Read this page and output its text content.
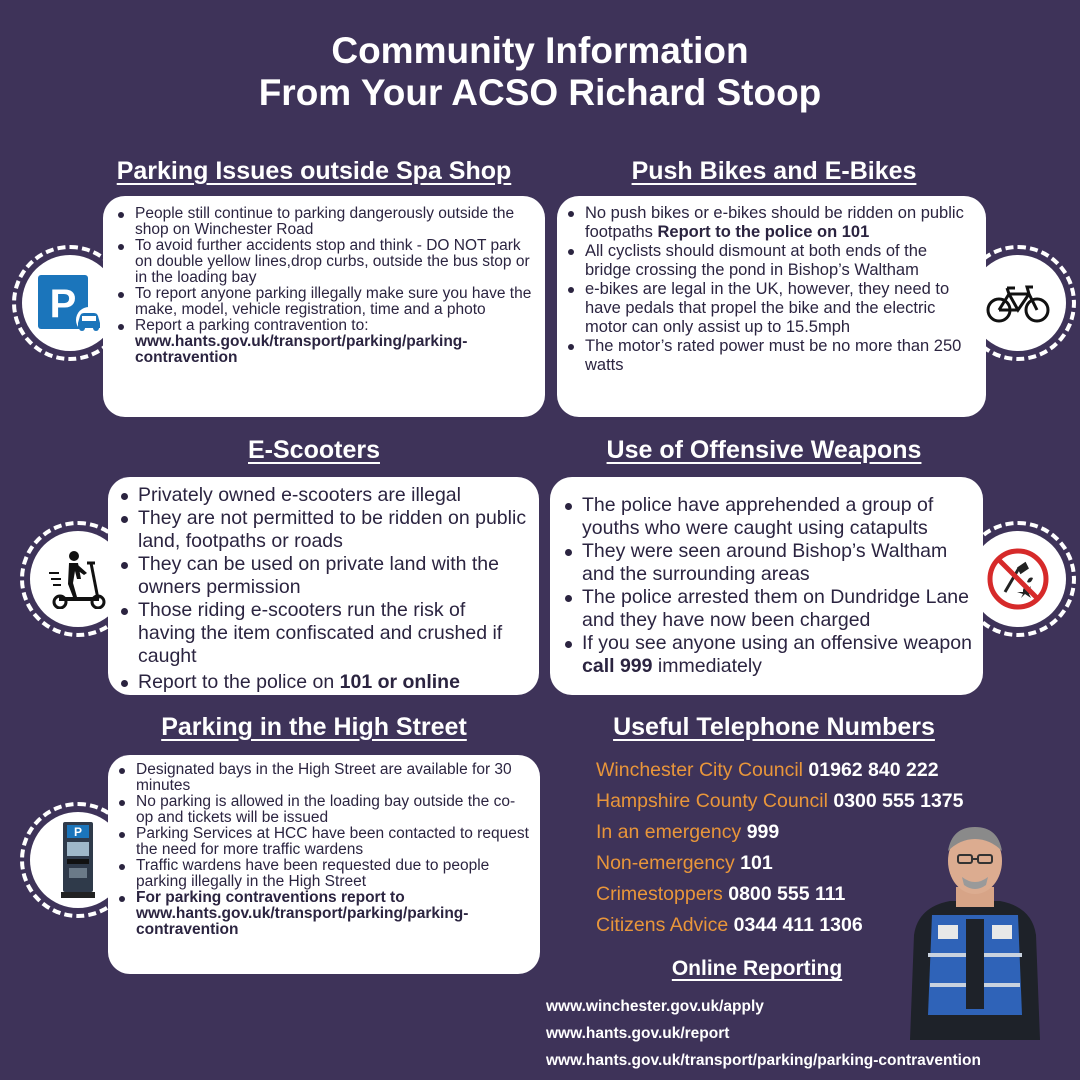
Community Information
From Your ACSO Richard Stoop
Parking Issues outside Spa Shop
P
People still continue to parking dangerously outside the shop on Winchester Road
To avoid further accidents stop and think - DO NOT park on double yellow lines,drop curbs, outside the bus stop or in the loading bay
To report anyone parking illegally make sure you have the make, model, vehicle registration, time and a photo
Report a parking contravention to:
www.hants.gov.uk/transport/parking/parking-contravention
Push Bikes and E-Bikes
No push bikes or e-bikes should be ridden on public footpaths Report to the police on 101
All cyclists should dismount at both ends of the bridge crossing the pond in Bishop’s Waltham
e-bikes are legal in the UK, however, they need to have pedals that propel the bike and the electric motor can only assist up to 15.5mph
The motor’s rated power must be no more than 250 watts
E-Scooters
Privately owned e-scooters are illegal
They are not permitted to be ridden on public land, footpaths or roads
They can be used on private land with the owners permission
Those riding e-scooters run the risk of having the item confiscated and crushed if caught
Report to the police on 101 or online
Use of Offensive Weapons
The police have apprehended a group of youths who were caught using catapults
They were seen around Bishop’s Waltham and the surrounding areas
The police arrested them on Dundridge Lane and they have now been charged
If you see anyone using an offensive weapon call 999 immediately
Parking in the High Street
P
Designated bays in the High Street are available for 30 minutes
No parking is allowed in the loading bay outside the co-op and tickets will be issued
Parking Services at HCC have been contacted to request the need for more traffic wardens
Traffic wardens have been requested due to people parking illegally in the High Street
For parking contraventions report to www.hants.gov.uk/transport/parking/parking-contravention
Useful Telephone Numbers
Winchester City Council 01962 840 222
Hampshire County Council 0300 555 1375
In an emergency 999
Non-emergency 101
Crimestoppers 0800 555 111
Citizens Advice 0344 411 1306
Online Reporting
www.winchester.gov.uk/apply
www.hants.gov.uk/report
www.hants.gov.uk/transport/parking/parking-contravention
